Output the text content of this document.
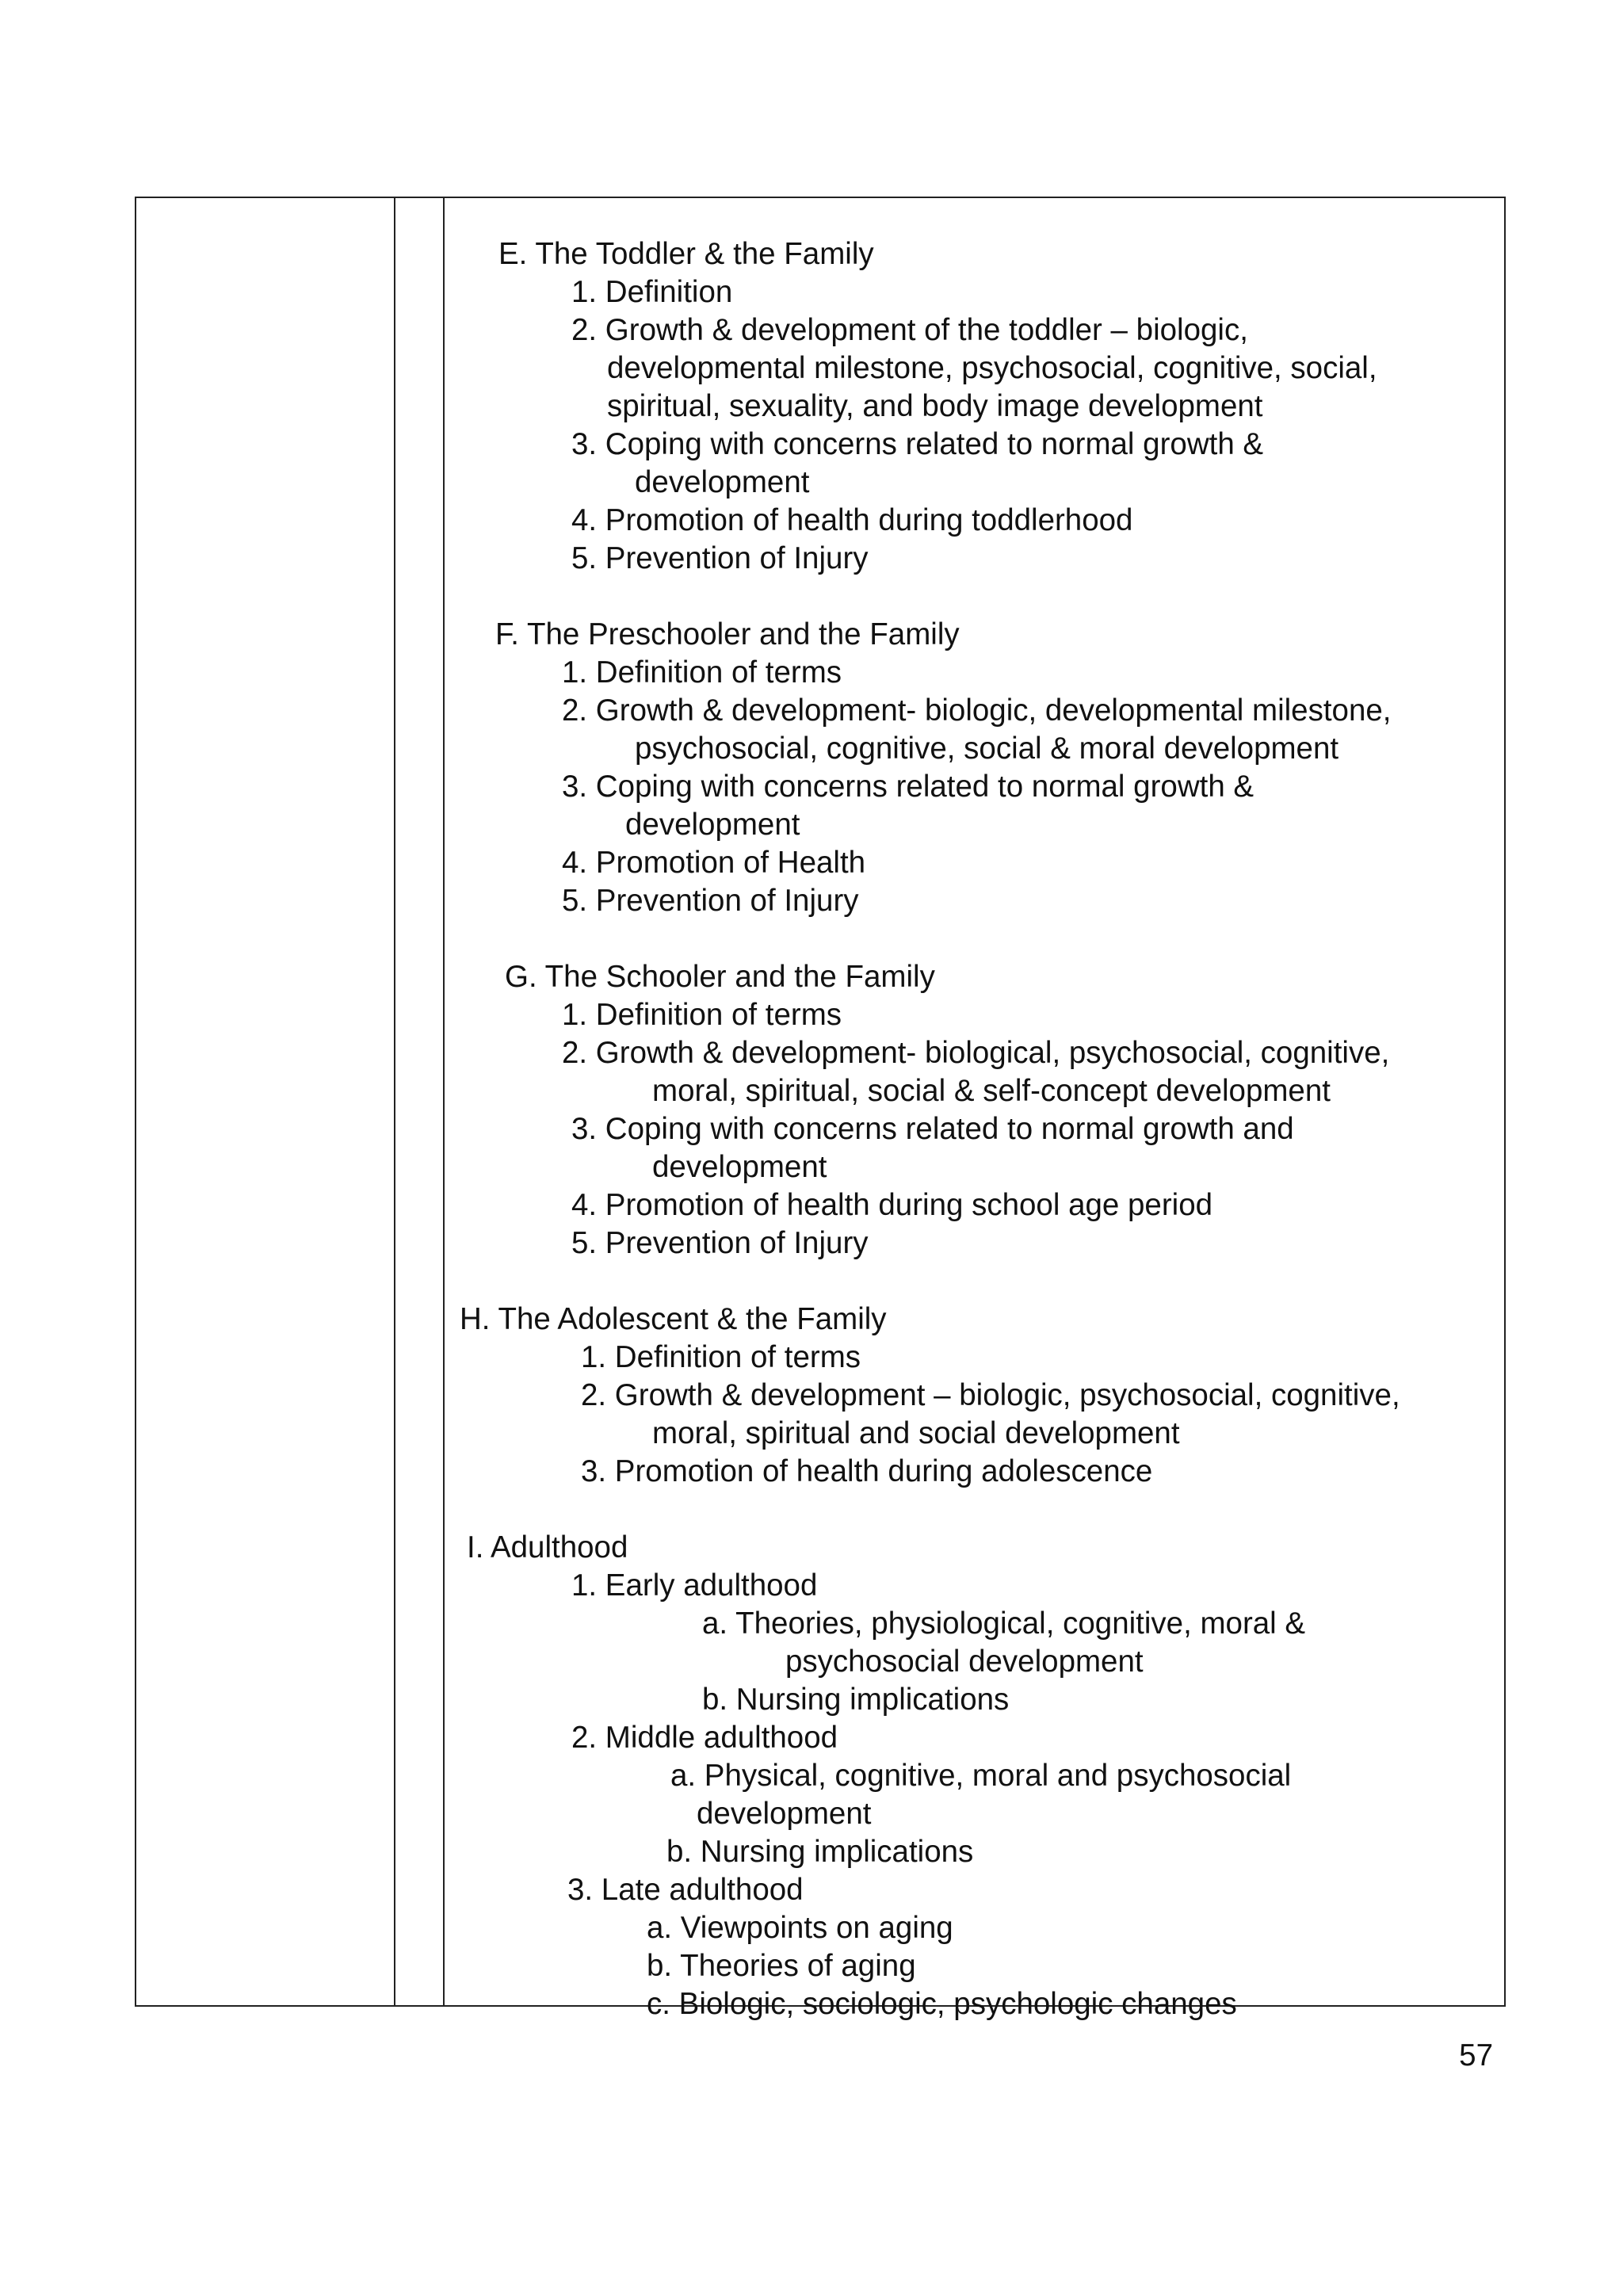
E. The Toddler & the Family
1. Definition
2. Growth & development of the toddler – biologic,
developmental milestone, psychosocial, cognitive, social,
spiritual, sexuality, and body image development
3. Coping with concerns related to normal growth &
development
4. Promotion of health during toddlerhood
5. Prevention of Injury
F. The Preschooler and the Family
1. Definition of terms
2. Growth & development- biologic, developmental milestone,
psychosocial, cognitive, social & moral development
3. Coping with concerns related to normal growth &
development
4. Promotion of Health
5. Prevention of Injury
G. The Schooler and the Family
1. Definition of terms
2. Growth & development- biological, psychosocial, cognitive,
moral, spiritual, social & self-concept development
3. Coping with concerns related to normal growth and
development
4. Promotion of health during school age period
5. Prevention of Injury
H. The Adolescent & the Family
1. Definition of terms
2. Growth & development – biologic, psychosocial, cognitive,
moral, spiritual and social development
3. Promotion of health during adolescence
I. Adulthood
1. Early adulthood
a. Theories, physiological, cognitive, moral &
psychosocial development
b. Nursing implications
2. Middle adulthood
a. Physical, cognitive, moral and psychosocial
development
b. Nursing implications
3. Late adulthood
a. Viewpoints on aging
b. Theories of aging
c. Biologic, sociologic, psychologic changes
57
